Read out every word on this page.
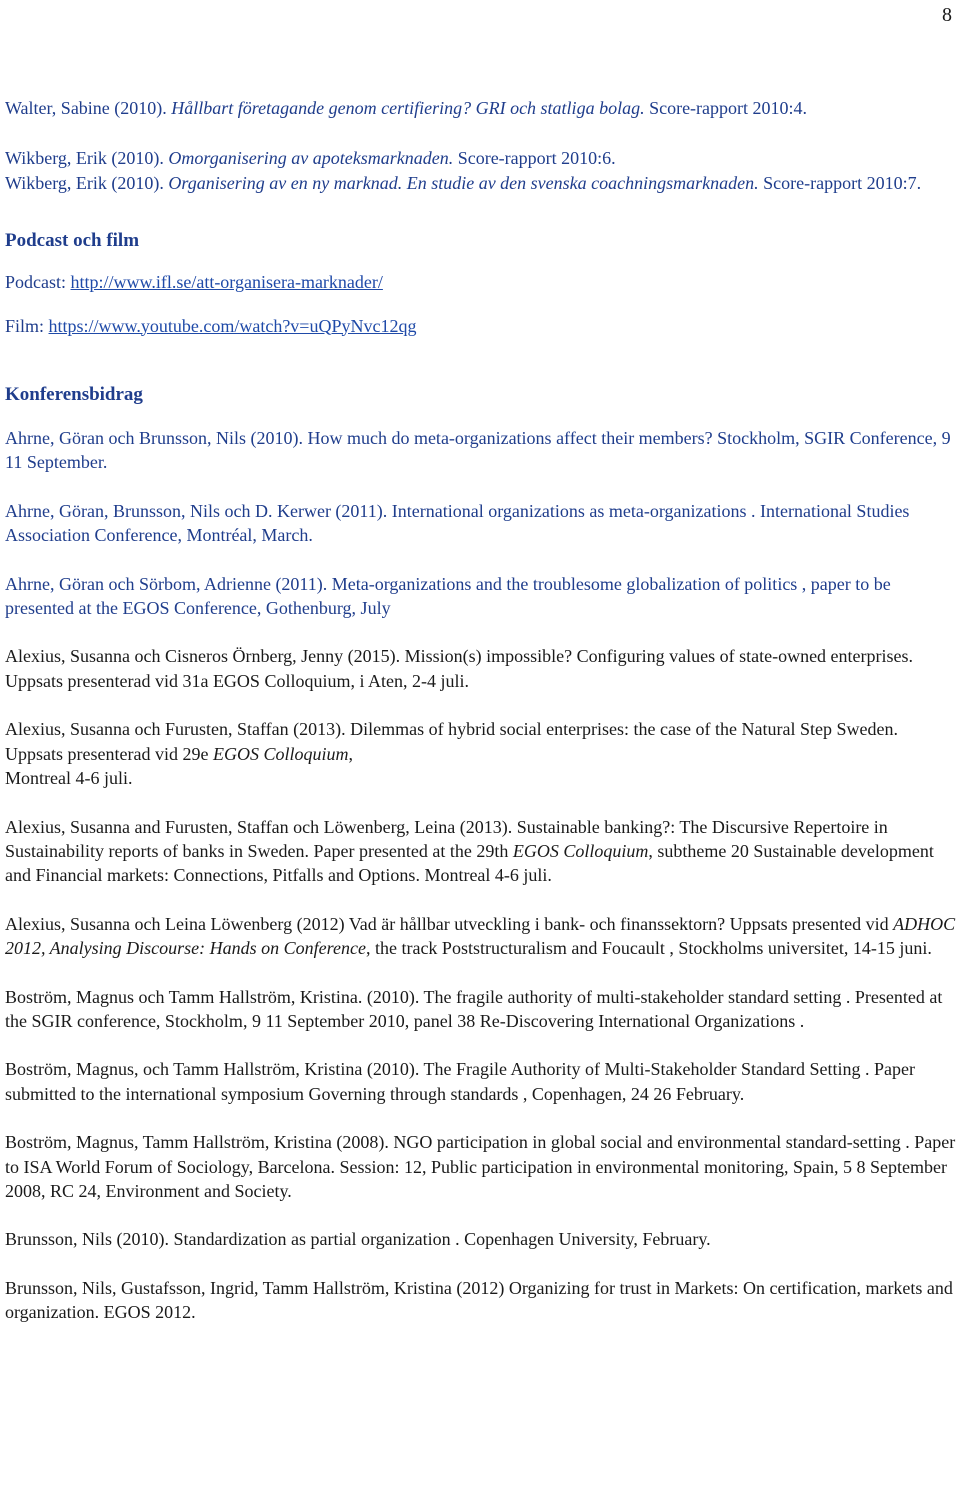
8

Walter, Sabine (2010). Hållbart företagande genom certifiering? GRI och statliga bolag. Score-rapport 2010:4.

Wikberg, Erik (2010). Omorganisering av apoteksmarknaden. Score-rapport 2010:6.

Wikberg, Erik (2010). Organisering av en ny marknad. En studie av den svenska coachningsmarknaden. Score-rapport 2010:7.

Podcast och film

Podcast: http://www.ifl.se/att-organisera-marknader/

Film: https://www.youtube.com/watch?v=uQPyNvc12qg

Konferensbidrag

Ahrne, Göran och Brunsson, Nils (2010). How much do meta-organizations affect their members? Stockholm, SGIR Conference, 9 11 September.

Ahrne, Göran, Brunsson, Nils och D. Kerwer (2011). International organizations as meta-organizations . International Studies Association Conference, Montréal, March.

Ahrne, Göran och Sörbom, Adrienne (2011). Meta-organizations and the troublesome globalization of politics , paper to be presented at the EGOS Conference, Gothenburg, July

Alexius, Susanna och Cisneros Örnberg, Jenny (2015). Mission(s) impossible? Configuring values of state-owned enterprises. Uppsats presenterad vid 31a EGOS Colloquium, i Aten, 2-4 juli.

Alexius, Susanna och Furusten, Staffan (2013). Dilemmas of hybrid social enterprises: the case of the Natural Step Sweden. Uppsats presenterad vid 29e EGOS Colloquium,
Montreal 4-6 juli.

Alexius, Susanna and Furusten, Staffan och Löwenberg, Leina (2013). Sustainable banking?: The Discursive Repertoire in Sustainability reports of banks in Sweden. Paper presented at the 29th EGOS Colloquium, subtheme 20 Sustainable development and Financial markets: Connections, Pitfalls and Options. Montreal 4-6 juli.

Alexius, Susanna och Leina Löwenberg (2012) Vad är hållbar utveckling i bank- och finanssektorn? Uppsats presented vid ADHOC 2012, Analysing Discourse: Hands on Conference, the track Poststructuralism and Foucault , Stockholms universitet, 14-15 juni.

Boström, Magnus och Tamm Hallström, Kristina. (2010). The fragile authority of multi-stakeholder standard setting . Presented at the SGIR conference, Stockholm, 9 11 September 2010, panel 38 Re-Discovering International Organizations .

Boström, Magnus, och Tamm Hallström, Kristina (2010). The Fragile Authority of Multi-Stakeholder Standard Setting . Paper submitted to the international symposium Governing through standards , Copenhagen, 24 26 February.

Boström, Magnus, Tamm Hallström, Kristina (2008). NGO participation in global social and environmental standard-setting . Paper to ISA World Forum of Sociology, Barcelona. Session: 12, Public participation in environmental monitoring, Spain, 5 8 September 2008, RC 24, Environment and Society.

Brunsson, Nils (2010). Standardization as partial organization . Copenhagen University, February.

Brunsson, Nils, Gustafsson, Ingrid, Tamm Hallström, Kristina (2012) Organizing for trust in Markets: On certification, markets and organization. EGOS 2012.
